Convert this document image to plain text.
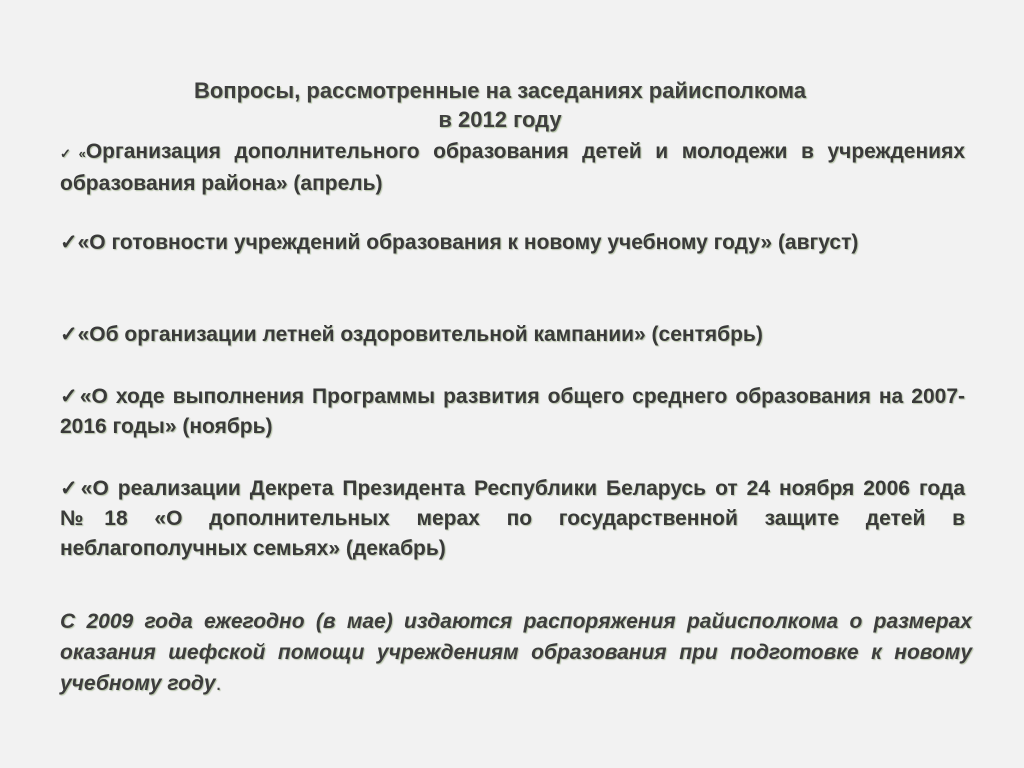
Вопросы, рассмотренные на заседаниях райисполкома
в 2012 году
✓«Организация дополнительного образования детей и молодежи в учреждениях образования района» (апрель)
✓«О готовности учреждений образования к новому учебному году» (август)
✓«Об организации летней оздоровительной кампании» (сентябрь)
✓«О ходе выполнения Программы развития общего среднего образования на 2007-2016 годы» (ноябрь)
✓«О реализации Декрета Президента Республики Беларусь от 24 ноября 2006 года №18 «О дополнительных мерах по государственной защите детей в неблагополучных семьях» (декабрь)
С 2009 года ежегодно (в мае) издаются распоряжения райисполкома о размерах оказания шефской помощи учреждениям образования при подготовке к новому учебному году.
